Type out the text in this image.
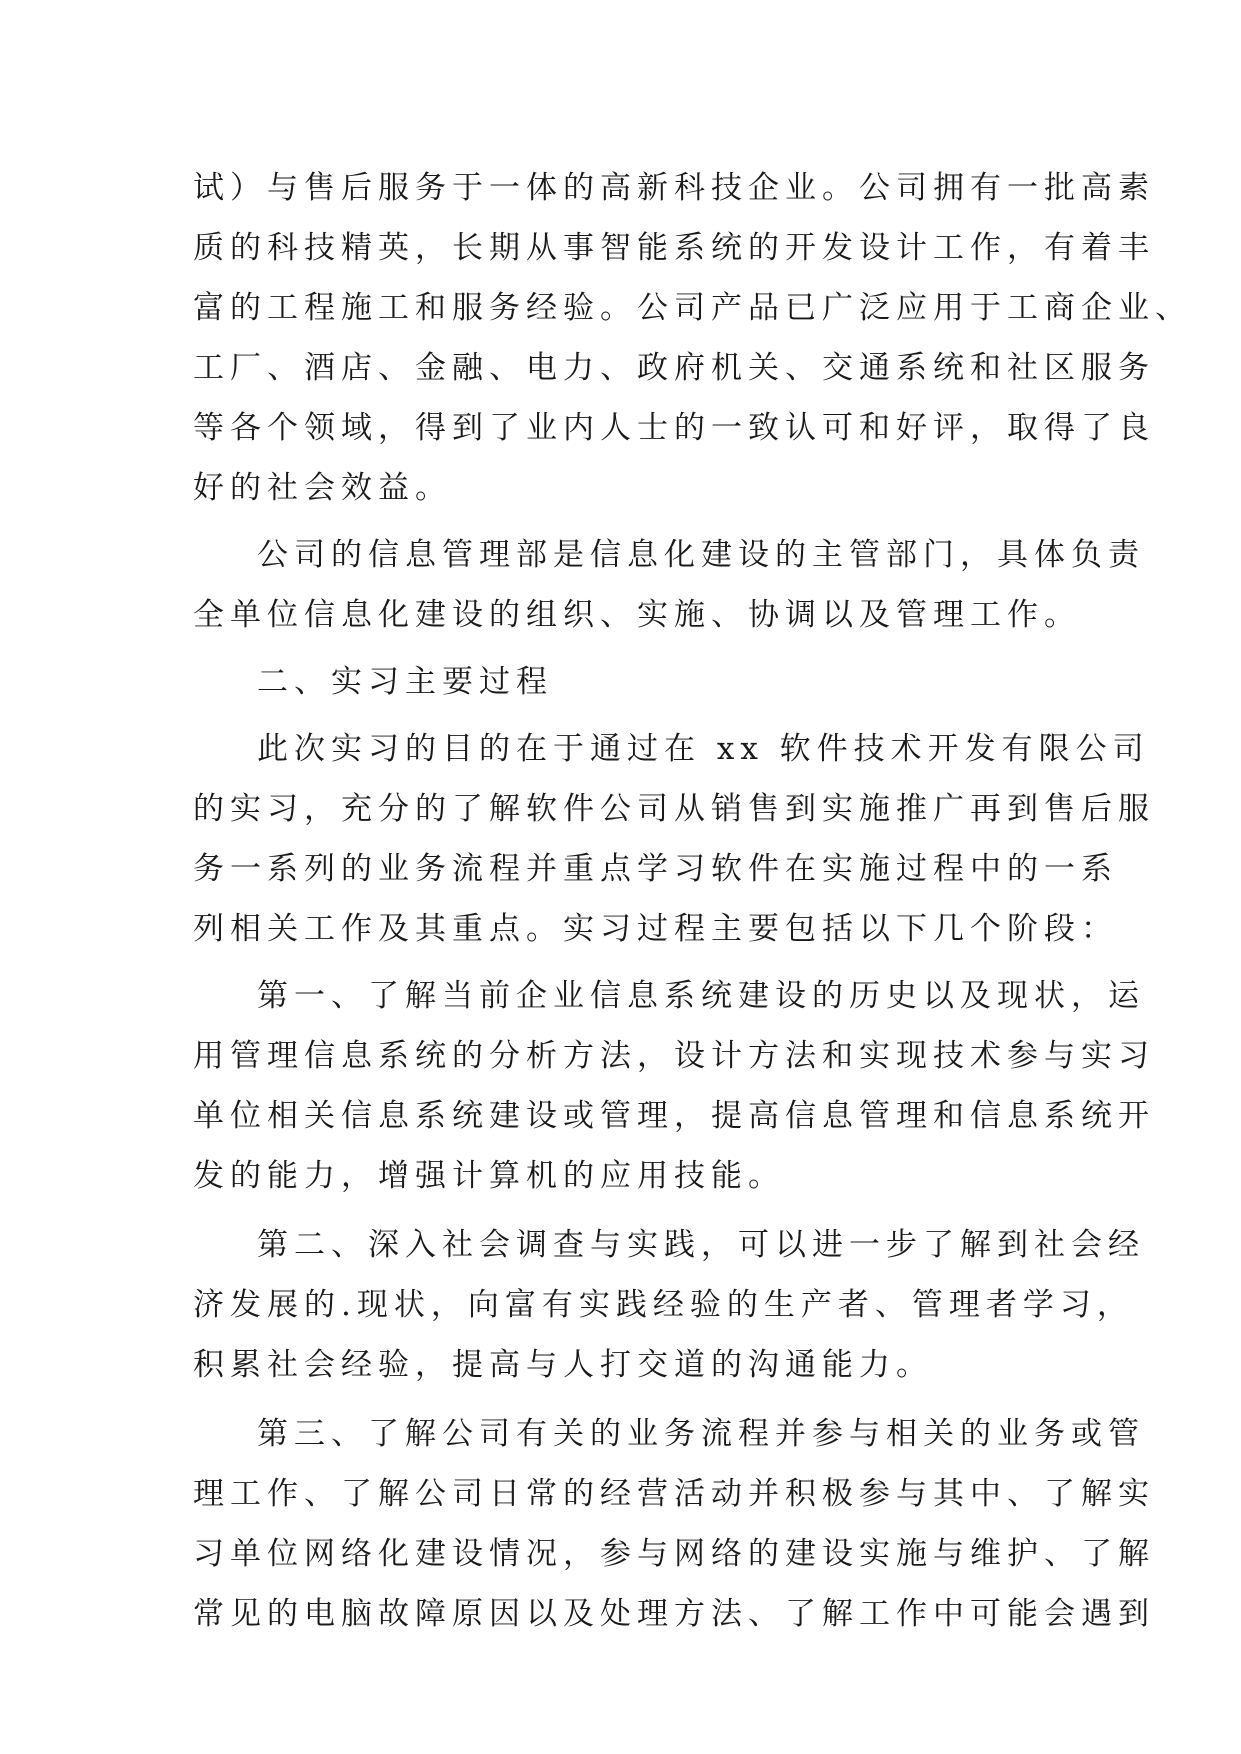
试）与售后服务于一体的高新科技企业。公司拥有一批高素
质的科技精英，长期从事智能系统的开发设计工作，有着丰
富的工程施工和服务经验。公司产品已广泛应用于工商企业、
工厂、酒店、金融、电力、政府机关、交通系统和社区服务
等各个领域，得到了业内人士的一致认可和好评，取得了良
好的社会效益。
公司的信息管理部是信息化建设的主管部门，具体负责
全单位信息化建设的组织、实施、协调以及管理工作。
二、实习主要过程
此次实习的目的在于通过在 xx 软件技术开发有限公司
的实习，充分的了解软件公司从销售到实施推广再到售后服
务一系列的业务流程并重点学习软件在实施过程中的一系
列相关工作及其重点。实习过程主要包括以下几个阶段：
第一、了解当前企业信息系统建设的历史以及现状，运
用管理信息系统的分析方法，设计方法和实现技术参与实习
单位相关信息系统建设或管理，提高信息管理和信息系统开
发的能力，增强计算机的应用技能。
第二、深入社会调查与实践，可以进一步了解到社会经
济发展的.现状，向富有实践经验的生产者、管理者学习，
积累社会经验，提高与人打交道的沟通能力。
第三、了解公司有关的业务流程并参与相关的业务或管
理工作、了解公司日常的经营活动并积极参与其中、了解实
习单位网络化建设情况，参与网络的建设实施与维护、了解
常见的电脑故障原因以及处理方法、了解工作中可能会遇到
